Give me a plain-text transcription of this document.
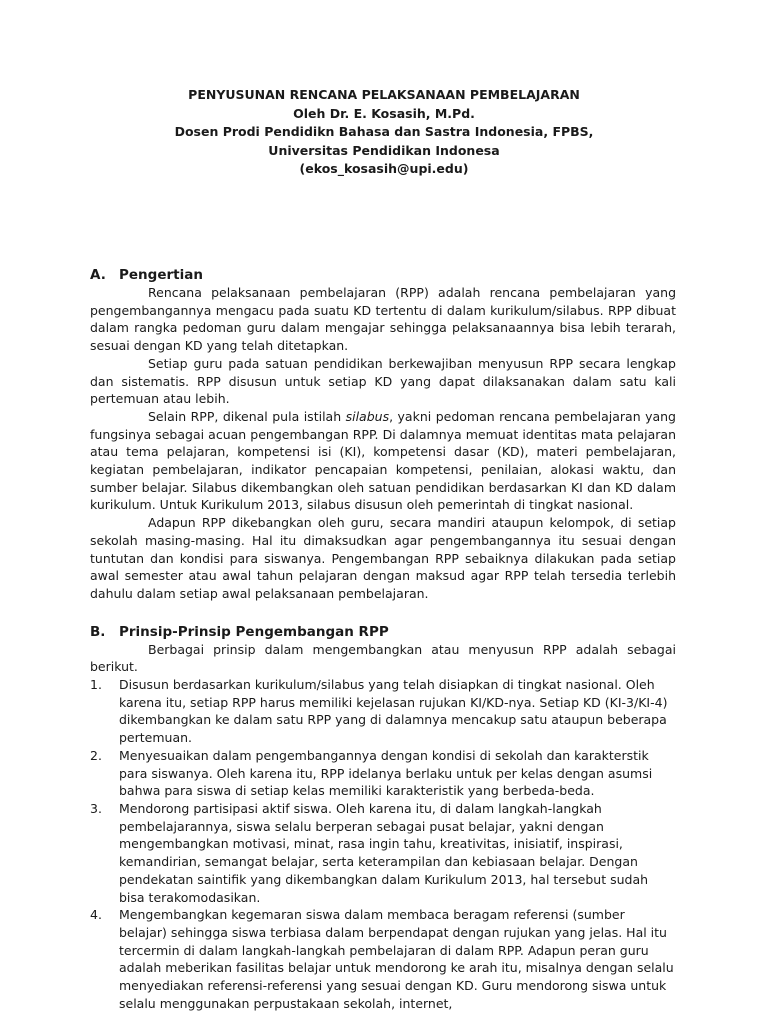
PENYUSUNAN RENCANA PELAKSANAAN PEMBELAJARAN
Oleh Dr. E. Kosasih, M.Pd.
Dosen Prodi Pendidikn Bahasa dan Sastra Indonesia, FPBS,
Universitas Pendidikan Indonesa
(ekos_kosasih@upi.edu)
A. Pengertian

Rencana pelaksanaan pembelajaran (RPP) adalah rencana pembelajaran yang pengembangannya mengacu pada suatu KD tertentu di dalam kurikulum/silabus. RPP dibuat dalam rangka pedoman guru dalam mengajar sehingga pelaksanaannya bisa lebih terarah, sesuai dengan KD yang telah ditetapkan.

Setiap guru pada satuan pendidikan berkewajiban menyusun RPP secara lengkap dan sistematis. RPP disusun untuk setiap KD yang dapat dilaksanakan dalam satu kali pertemuan atau lebih.

Selain RPP, dikenal pula istilah silabus, yakni pedoman rencana pembelajaran yang fungsinya sebagai acuan pengembangan RPP. Di dalamnya memuat identitas mata pelajaran atau tema pelajaran, kompetensi isi (KI), kompetensi dasar (KD), materi pembelajaran, kegiatan pembelajaran, indikator pencapaian kompetensi, penilaian, alokasi waktu, dan sumber belajar. Silabus dikembangkan oleh satuan pendidikan berdasarkan KI dan KD dalam kurikulum. Untuk Kurikulum 2013, silabus disusun oleh pemerintah di tingkat nasional.

Adapun RPP dikebangkan oleh guru, secara mandiri ataupun kelompok, di setiap sekolah masing-masing. Hal itu dimaksudkan agar pengembangannya itu sesuai dengan tuntutan dan kondisi para siswanya. Pengembangan RPP sebaiknya dilakukan pada setiap awal semester atau awal tahun pelajaran dengan maksud agar RPP telah tersedia terlebih dahulu dalam setiap awal pelaksanaan pembelajaran.

B.	Prinsip-Prinsip Pengembangan RPP

Berbagai prinsip dalam mengembangkan atau menyusun RPP adalah sebagai berikut.

1.	Disusun berdasarkan kurikulum/silabus yang telah disiapkan di tingkat nasional. Oleh karena itu, setiap RPP harus memiliki kejelasan rujukan KI/KD-nya. Setiap KD (KI-3/KI-4) dikembangkan ke dalam satu RPP yang di dalamnya mencakup satu ataupun beberapa pertemuan.
2.	Menyesuaikan dalam pengembangannya dengan kondisi di sekolah dan karakterstik para siswanya. Oleh karena itu, RPP idelanya berlaku untuk per kelas dengan asumsi bahwa para siswa di setiap kelas memiliki karakteristik yang berbeda-beda.
3.	Mendorong partisipasi aktif siswa. Oleh karena itu, di dalam langkah-langkah pembelajarannya, siswa selalu berperan sebagai pusat belajar, yakni dengan mengembangkan motivasi, minat, rasa ingin tahu, kreativitas, inisiatif, inspirasi, kemandirian, semangat belajar, serta keterampilan dan kebiasaan belajar. Dengan pendekatan saintifik yang dikembangkan dalam Kurikulum 2013, hal tersebut sudah bisa terakomodasikan.
4.	Mengembangkan kegemaran siswa dalam membaca beragam referensi (sumber belajar) sehingga siswa terbiasa dalam berpendapat dengan rujukan yang jelas. Hal itu tercermin di dalam langkah-langkah pembelajaran di dalam RPP. Adapun peran guru adalah meberikan fasilitas belajar untuk mendorong ke arah itu, misalnya dengan selalu menyediakan referensi-referensi yang sesuai dengan KD. Guru mendorong siswa untuk selalu menggunakan perpustakaan sekolah, internet,
